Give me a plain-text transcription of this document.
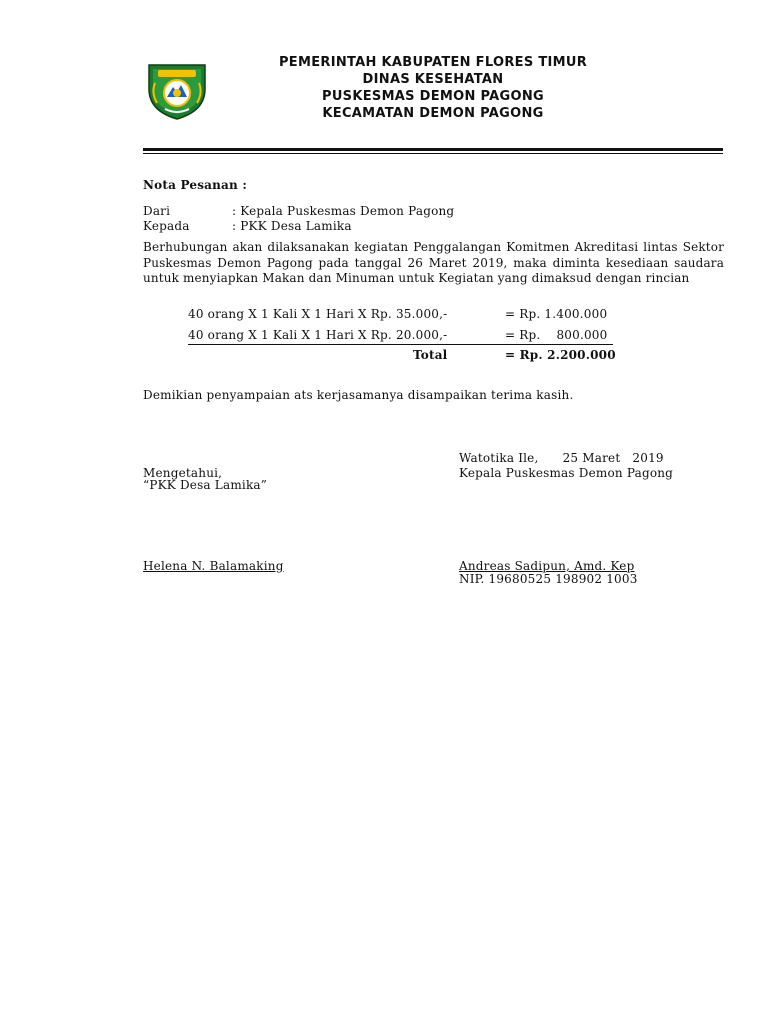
PEMERINTAH KABUPATEN FLORES TIMUR
DINAS KESEHATAN
PUSKESMAS DEMON PAGONG
KECAMATAN DEMON PAGONG
Nota Pesanan :
Dari	: Kepala Puskesmas Demon Pagong
Kepada	: PKK Desa Lamika
Berhubungan akan dilaksanakan kegiatan Penggalangan Komitmen Akreditasi lintas Sektor Puskesmas Demon Pagong pada tanggal 26 Maret 2019, maka diminta kesediaan saudara untuk menyiapkan Makan dan Minuman untuk Kegiatan yang dimaksud dengan rincian
40 orang X 1 Kali X 1 Hari X Rp. 35.000,-	= Rp. 1.400.000
40 orang X 1 Kali X 1 Hari X Rp. 20.000,-	= Rp.    800.000
Total	= Rp. 2.200.000
Demikian penyampaian ats kerjasamanya disampaikan terima kasih.
Watotika Ile,      25 Maret   2019
Kepala Puskesmas Demon Pagong
Mengetahui,
“PKK Desa Lamika”
Helena N. Balamaking	Andreas Sadipun, Amd. Kep
NIP. 19680525 198902 1003
